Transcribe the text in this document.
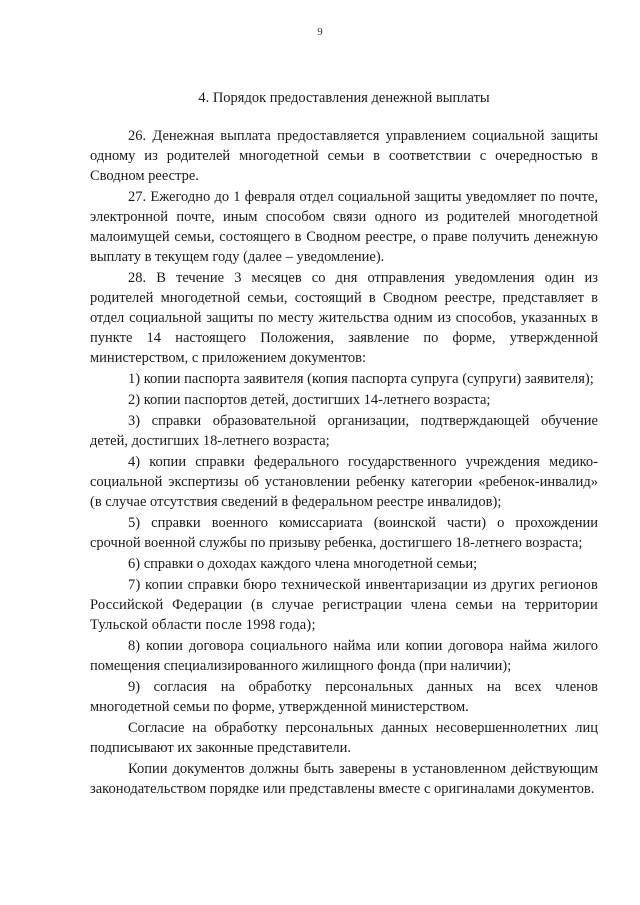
9
4. Порядок предоставления денежной выплаты

26. Денежная выплата предоставляется управлением социальной защиты одному из родителей многодетной семьи в соответствии с очередностью в Сводном реестре.

27. Ежегодно до 1 февраля отдел социальной защиты уведомляет по почте, электронной почте, иным способом связи одного из родителей многодетной малоимущей семьи, состоящего в Сводном реестре, о праве получить денежную выплату в текущем году (далее – уведомление).

28. В течение 3 месяцев со дня отправления уведомления один из родителей многодетной семьи, состоящий в Сводном реестре, представляет в отдел социальной защиты по месту жительства одним из способов, указанных в пункте 14 настоящего Положения, заявление по форме, утвержденной министерством, с приложением документов:

1) копии паспорта заявителя (копия паспорта супруга (супруги) заявителя);

2) копии паспортов детей, достигших 14-летнего возраста;

3) справки образовательной организации, подтверждающей обучение детей, достигших 18-летнего возраста;

4) копии справки федерального государственного учреждения медико-социальной экспертизы об установлении ребенку категории «ребенок-инвалид» (в случае отсутствия сведений в федеральном реестре инвалидов);

5) справки военного комиссариата (воинской части) о прохождении срочной военной службы по призыву ребенка, достигшего 18-летнего возраста;

6) справки о доходах каждого члена многодетной семьи;

7) копии справки бюро технической инвентаризации из других регионов Российской Федерации (в случае регистрации члена семьи на территории Тульской области после 1998 года);

8) копии договора социального найма или копии договора найма жилого помещения специализированного жилищного фонда (при наличии);

9) согласия на обработку персональных данных на всех членов многодетной семьи по форме, утвержденной министерством.

Согласие на обработку персональных данных несовершеннолетних лиц подписывают их законные представители.

Копии документов должны быть заверены в установленном действующим законодательством порядке или представлены вместе с оригиналами документов.
